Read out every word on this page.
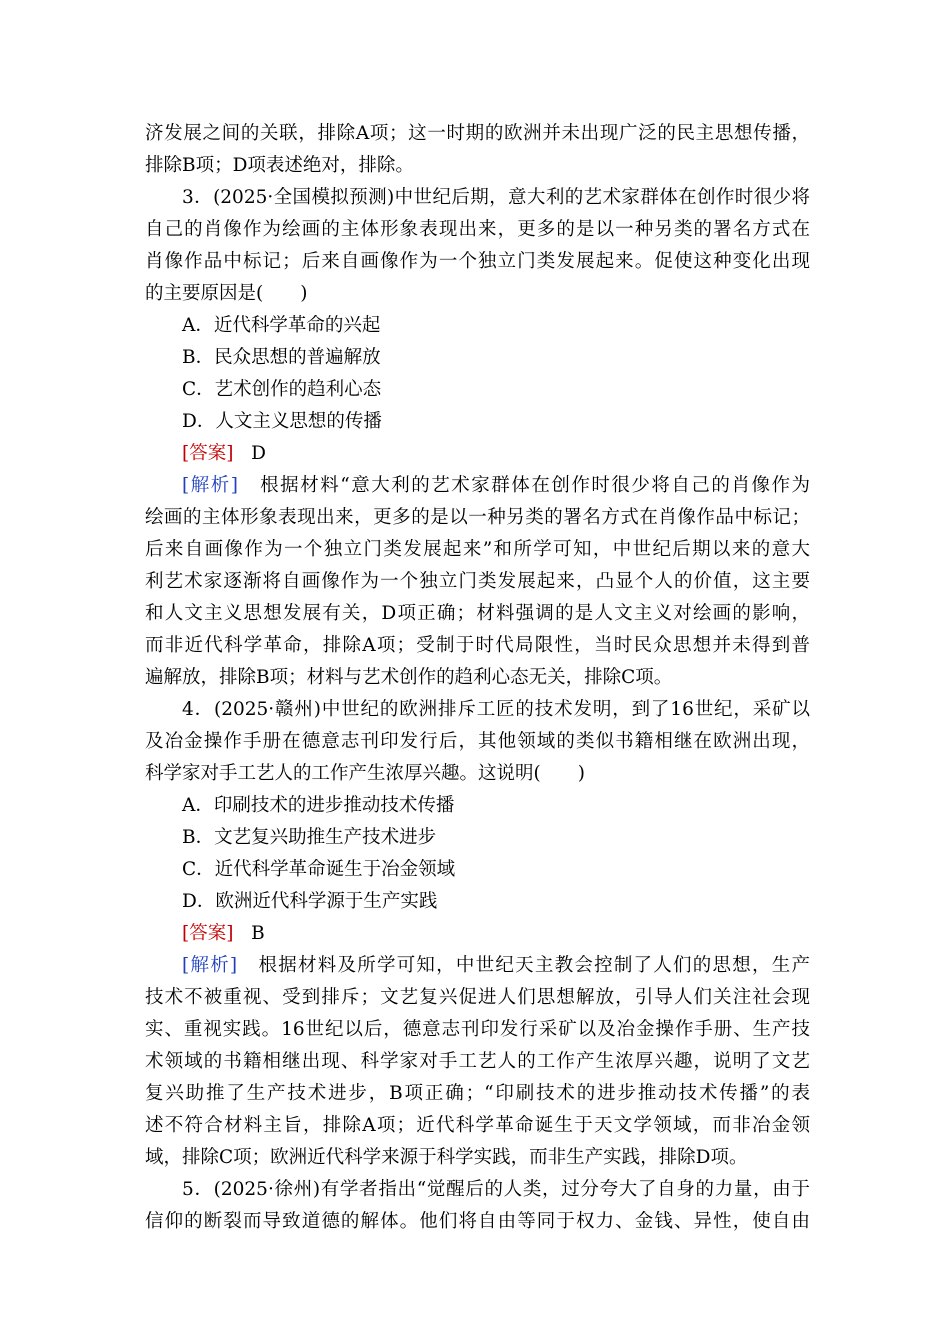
济发展之间的关联，排除A项；这一时期的欧洲并未出现广泛的民主思想传播，
排除B项；D项表述绝对，排除。
3．(2025·全国模拟预测)中世纪后期，意大利的艺术家群体在创作时很少将
自己的肖像作为绘画的主体形象表现出来，更多的是以一种另类的署名方式在
肖像作品中标记；后来自画像作为一个独立门类发展起来。促使这种变化出现
的主要原因是(　　)
A．近代科学革命的兴起
B．民众思想的普遍解放
C．艺术创作的趋利心态
D．人文主义思想的传播
[答案] D
[解析] 根据材料“意大利的艺术家群体在创作时很少将自己的肖像作为
绘画的主体形象表现出来，更多的是以一种另类的署名方式在肖像作品中标记；
后来自画像作为一个独立门类发展起来”和所学可知，中世纪后期以来的意大
利艺术家逐渐将自画像作为一个独立门类发展起来，凸显个人的价值，这主要
和人文主义思想发展有关，D项正确；材料强调的是人文主义对绘画的影响，
而非近代科学革命，排除A项；受制于时代局限性，当时民众思想并未得到普
遍解放，排除B项；材料与艺术创作的趋利心态无关，排除C项。
4．(2025·赣州)中世纪的欧洲排斥工匠的技术发明，到了16世纪，采矿以
及冶金操作手册在德意志刊印发行后，其他领域的类似书籍相继在欧洲出现，
科学家对手工艺人的工作产生浓厚兴趣。这说明(　　)
A．印刷技术的进步推动技术传播
B．文艺复兴助推生产技术进步
C．近代科学革命诞生于冶金领域
D．欧洲近代科学源于生产实践
[答案] B
[解析] 根据材料及所学可知，中世纪天主教会控制了人们的思想，生产
技术不被重视、受到排斥；文艺复兴促进人们思想解放，引导人们关注社会现
实、重视实践。16世纪以后，德意志刊印发行采矿以及冶金操作手册、生产技
术领域的书籍相继出现、科学家对手工艺人的工作产生浓厚兴趣，说明了文艺
复兴助推了生产技术进步，B项正确；“印刷技术的进步推动技术传播”的表
述不符合材料主旨，排除A项；近代科学革命诞生于天文学领域，而非冶金领
域，排除C项；欧洲近代科学来源于科学实践，而非生产实践，排除D项。
5．(2025·徐州)有学者指出“觉醒后的人类，过分夸大了自身的力量，由于
信仰的断裂而导致道德的解体。他们将自由等同于权力、金钱、异性，使自由
